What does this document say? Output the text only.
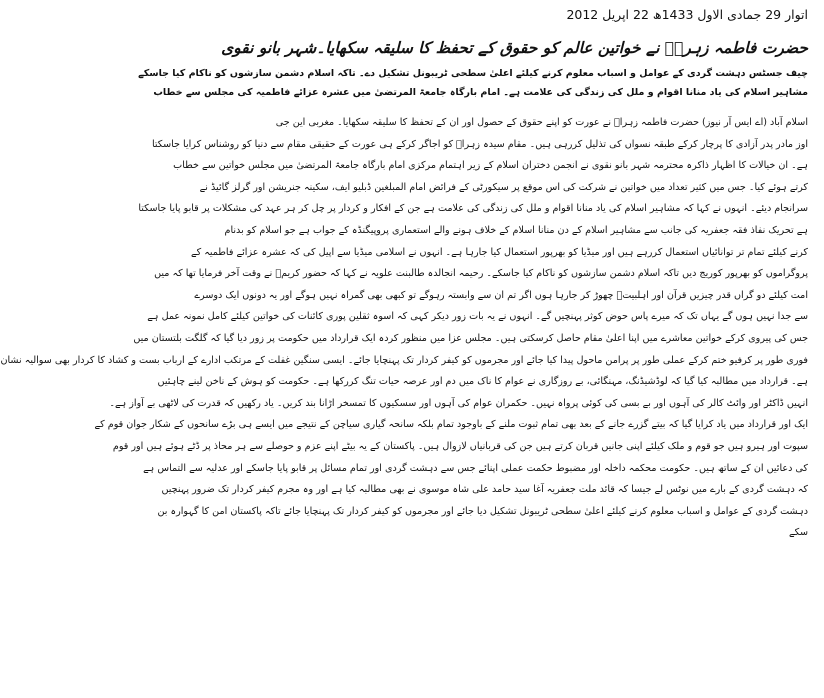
اتوار 29 جمادی الاول 1433ھ 22 اپریل 2012
حضرت فاطمہ زہراؑ نے خواتین عالم کو حقوق کے تحفظ کا سلیقہ سکھایا۔شہر بانو نقوی
چیف جسٹس دہشت گردی کے عوامل و اسباب معلوم کرنے کیلئے اعلیٰ سطحی ٹریبونل تشکیل دے۔ تاکہ اسلام دشمن سازشوں کو ناکام کیا جاسکے
مشاہیر اسلام کی یاد منانا اقوام و ملل کی زندگی کی علامت ہے۔ امام بارگاہ جامعۃ المرتضیٰ میں عشرہ عزائے فاطمیہ کی مجلس سے خطاب
اسلام آباد (اے ایس آر نیوز) حضرت فاطمہ زہراؑ نے عورت کو اپنے حقوق کے حصول اور ان کے تحفظ کا سلیقہ سکھایا۔ مغربی این جی
اوز مادر پدر آزادی کا پرچار کرکے طبقہ نسواں کی تذلیل کررہی ہیں۔ مقام سیدہ زہراؑ کو اجاگر کرکے ہی عورت کے حقیقی مقام سے دنیا کو روشناس کرایا جاسکتا
ہے۔ ان خیالات کا اظہار ذاکرہ محترمہ شہر بانو نقوی نے انجمن دختران اسلام کے زیر اہتمام مرکزی امام بارگاہ جامعۃ المرتضیٰ میں مجلس خواتین سے خطاب
کرتے ہوئے کیا۔ جس میں کثیر تعداد میں خواتین نے شرکت کی اس موقع پر سیکورٹی کے فرائض امام المبلغین ڈبلیو ایف، سکینہ جنریشن اور گرلز گائیڈ نے
سرانجام دیئے۔ انہوں نے کہا کہ مشاہیر اسلام کی یاد منانا اقوام و ملل کی زندگی کی علامت ہے جن کے افکار و کردار پر چل کر ہر عہد کی مشکلات پر قابو پایا جاسکتا
ہے تحریک نفاذ فقہ جعفریہ کی جانب سے مشاہیر اسلام کے دن منانا اسلام کے خلاف ہونے والے استعماری پروپیگنڈہ کے جواب ہے جو اسلام کو بدنام
کرنے کیلئے تمام تر توانائیاں استعمال کررہے ہیں اور میڈیا کو بھرپور استعمال کیا جارہا ہے۔ انہوں نے اسلامی میڈیا سے اپیل کی کہ عشرہ عزائے فاطمیہ کے
پروگراموں کو بھرپور کوریج دیں تاکہ اسلام دشمن سازشوں کو ناکام کیا جاسکے۔ رحیمہ انجالدہ طالبنت علویہ نے کہا کہ حضور کریمؐ نے وقت آخر فرمایا تھا کہ میں
امت کیلئے دو گراں قدر چیزیں قرآن اور اہلبیتؑ چھوڑ کر جارہا ہوں اگر تم ان سے وابستہ رہوگے تو کبھی بھی گمراہ نہیں ہوگے اور یہ دونوں ایک دوسرے
سے جدا نہیں ہوں گے یہاں تک کہ میرے پاس حوض کوثر پہنچیں گے۔ انہوں نے یہ بات زور دیکر کہی کہ اسوہ ثقلین پوری کائنات کی خواتین کیلئے کامل نمونہ عمل ہے
جس کی پیروی کرکے خواتین معاشرے میں اپنا اعلیٰ مقام حاصل کرسکتی ہیں۔ مجلس عزا میں منظور کردہ ایک قرارداد میں حکومت پر زور دیا گیا کہ گلگت بلتستان میں
فوری طور پر کرفیو ختم کرکے عملی طور پر پرامن ماحول پیدا کیا جائے اور مجرموں کو کیفر کردار تک پہنچایا جائے۔ ایسی سنگین غفلت کے مرتکب ادارے کے ارباب بست و کشاد کا کردار بھی سوالیہ نشان
ہے۔ قرارداد میں مطالبہ کیا گیا کہ لوڈشیڈنگ، مہنگائی، بے روزگاری نے عوام کا ناک میں دم اور عرصہ حیات تنگ کررکھا ہے۔ حکومت کو ہوش کے ناخن لینے چاہئیں
انہیں ڈاکٹر اور وائٹ کالر کی آہوں اور بے بسی کی کوئی پرواہ نہیں۔ حکمران عوام کی آہوں اور سسکیوں کا تمسخر اڑانا بند کریں۔ یاد رکھیں کہ قدرت کی لاٹھی بے آواز ہے۔
ایک اور قرارداد میں یاد کرایا گیا کہ بیتے گزرے جانے کے بعد بھی تمام ثبوت ملنے کے باوجود تمام بلکہ سانحہ گیاری سیاچن کے نتیجے میں ایسے ہی بڑے سانحوں کے شکار جوان قوم کے
سپوت اور ہیرو ہیں جو قوم و ملک کیلئے اپنی جانیں قربان کرتے ہیں جن کی قربانیاں لازوال ہیں۔ پاکستان کے یہ بیٹے اپنے عزم و حوصلے سے ہر محاذ پر ڈٹے ہوئے ہیں اور قوم
کی دعائیں ان کے ساتھ ہیں۔ حکومت محکمہ داخلہ اور مضبوط حکمت عملی اپنائے جس سے دہشت گردی اور تمام مسائل پر قابو پایا جاسکے اور عدلیہ سے التماس ہے
کہ دہشت گردی کے بارے میں نوٹس لے جیسا کہ قائد ملت جعفریہ آغا سید حامد علی شاہ موسوی نے بھی مطالبہ کیا ہے اور وہ مجرم کیفر کردار تک ضرور پہنچیں
دہشت گردی کے عوامل و اسباب معلوم کرنے کیلئے اعلیٰ سطحی ٹریبونل تشکیل دیا جائے اور مجرموں کو کیفر کردار تک پہنچایا جائے تاکہ پاکستان امن کا گہوارہ بن
سکے
